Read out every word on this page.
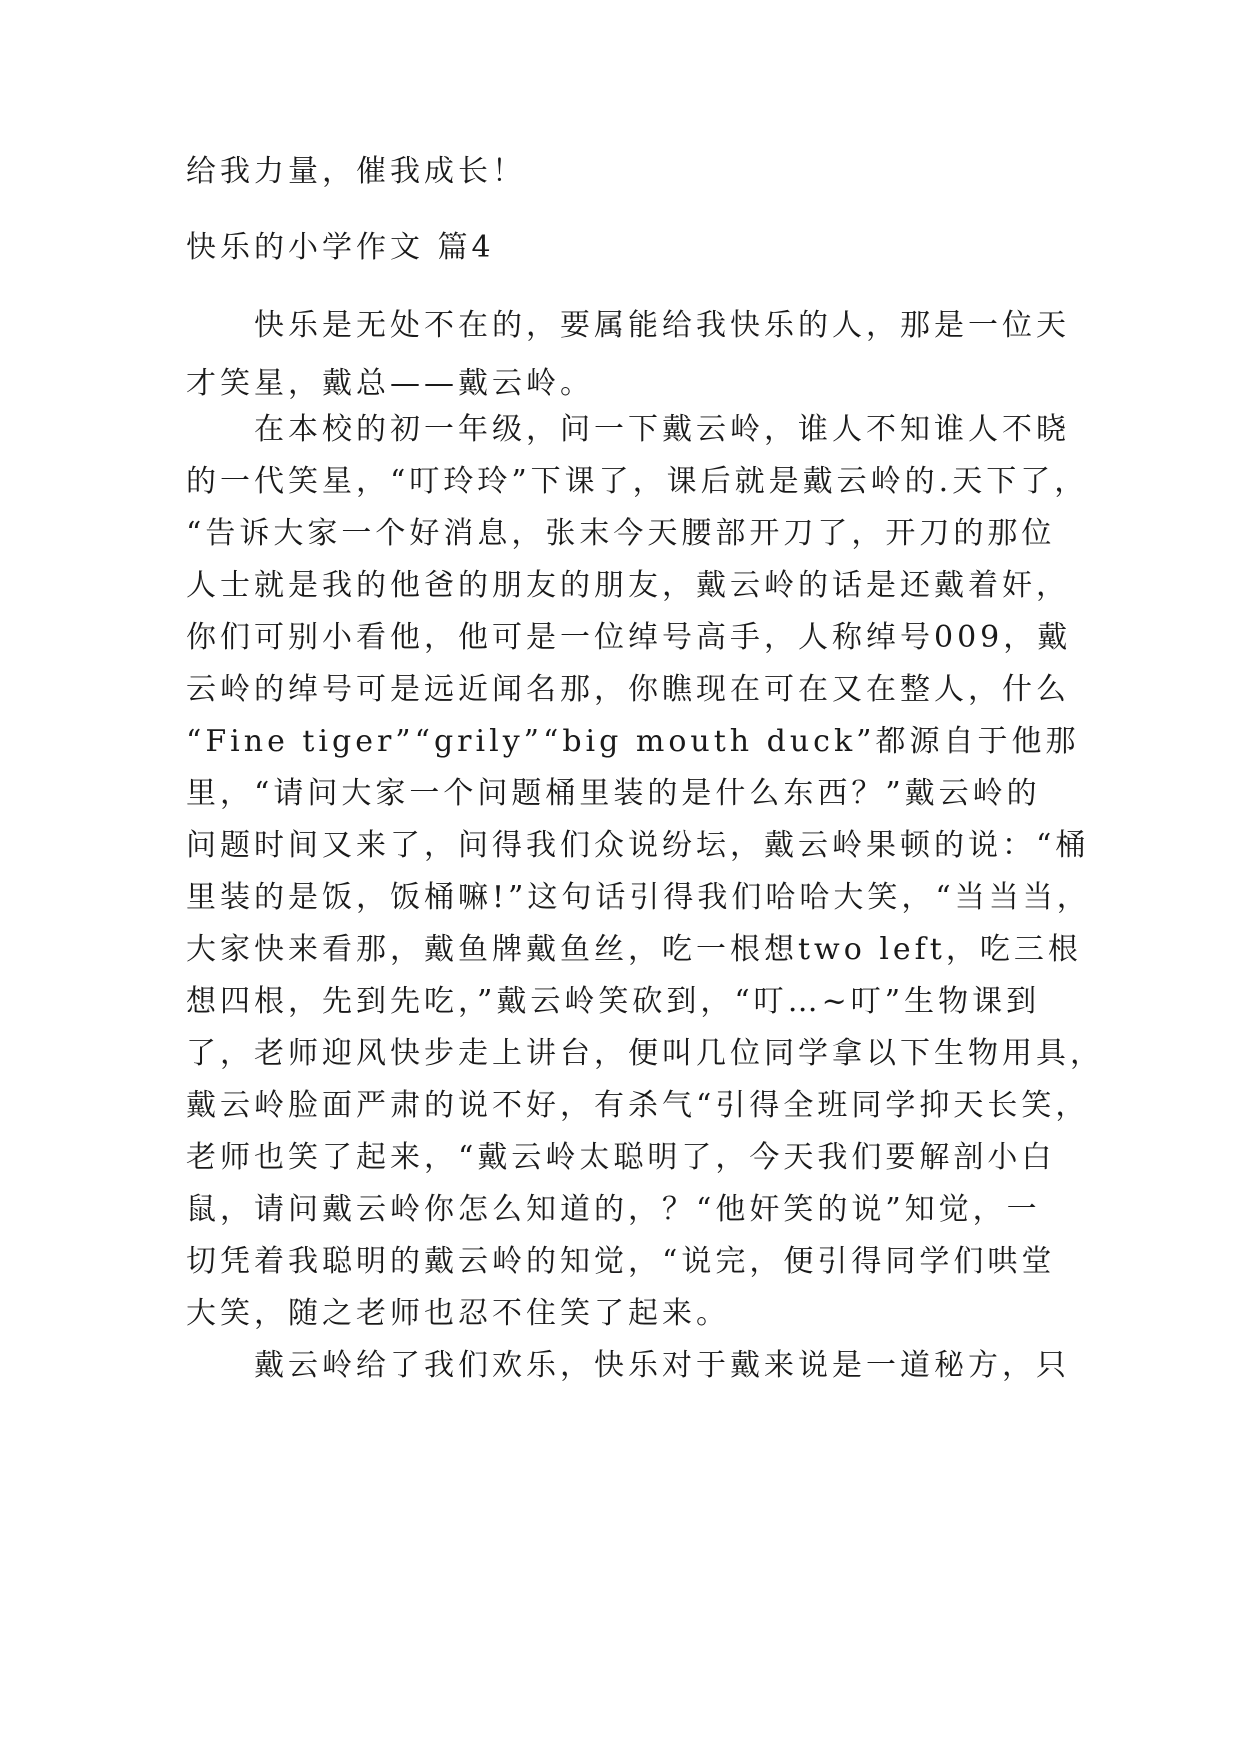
给我力量，催我成长！
快乐的小学作文 篇4
快乐是无处不在的，要属能给我快乐的人，那是一位天
才笑星，戴总——戴云岭。
在本校的初一年级，问一下戴云岭，谁人不知谁人不晓
的一代笑星，“叮玲玲”下课了，课后就是戴云岭的.天下了，
“告诉大家一个好消息，张末今天腰部开刀了，开刀的那位
人士就是我的他爸的朋友的朋友，戴云岭的话是还戴着奸，
你们可别小看他，他可是一位绰号高手，人称绰号009，戴
云岭的绰号可是远近闻名那，你瞧现在可在又在整人，什么
“Fine tiger”“grily”“big mouth duck”都源自于他那
里，“请问大家一个问题桶里装的是什么东西？”戴云岭的
问题时间又来了，问得我们众说纷坛，戴云岭果顿的说：“桶
里装的是饭，饭桶嘛!”这句话引得我们哈哈大笑，“当当当，
大家快来看那，戴鱼牌戴鱼丝，吃一根想two left，吃三根
想四根，先到先吃，”戴云岭笑砍到，“叮…~叮”生物课到
了，老师迎风快步走上讲台，便叫几位同学拿以下生物用具，
戴云岭脸面严肃的说不好，有杀气“引得全班同学抑天长笑，
老师也笑了起来，“戴云岭太聪明了，今天我们要解剖小白
鼠，请问戴云岭你怎么知道的，？“他奸笑的说”知觉，一
切凭着我聪明的戴云岭的知觉，“说完，便引得同学们哄堂
大笑，随之老师也忍不住笑了起来。
戴云岭给了我们欢乐，快乐对于戴来说是一道秘方，只
